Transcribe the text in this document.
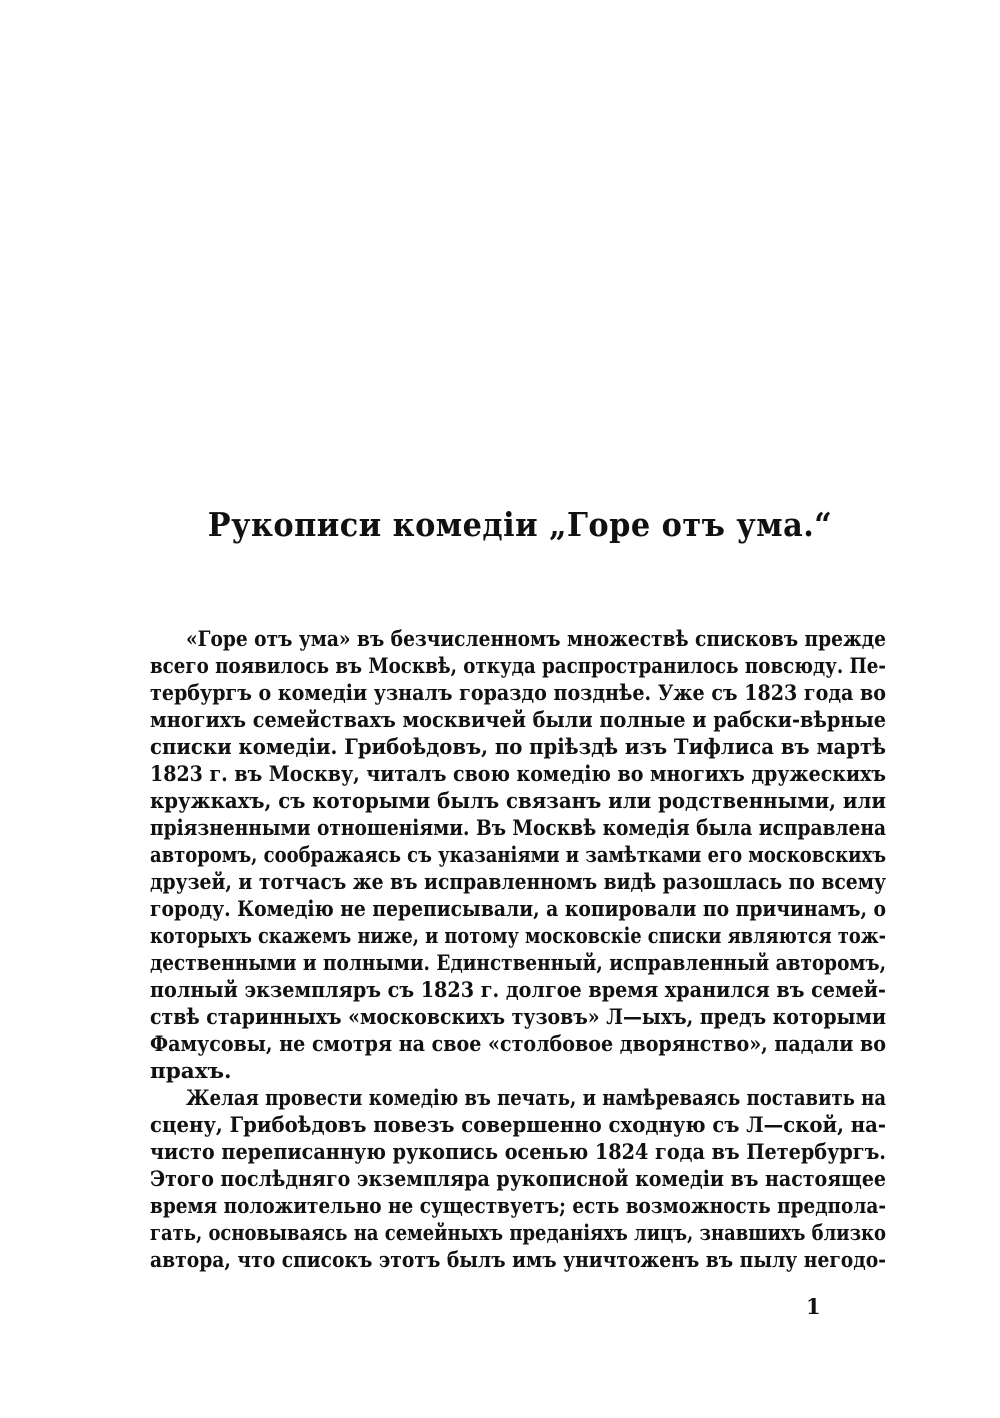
Рукописи комедіи „Горе отъ ума.“

«Горе отъ ума» въ безчисленномъ множествѣ списковъ прежде
всего появилось въ Москвѣ, откуда распространилось повсюду. Пе-
тербургъ о комедіи узналъ гораздо позднѣе. Уже съ 1823 года во
многихъ семействахъ москвичей были полные и рабски-вѣрные
списки комедіи. Грибоѣдовъ, по пріѣздѣ изъ Тифлиса въ мартѣ
1823 г. въ Москву, читалъ свою комедію во многихъ дружескихъ
кружкахъ, съ которыми былъ связанъ или родственными, или
пріязненными отношеніями. Въ Москвѣ комедія была исправлена
авторомъ, соображаясь съ указаніями и замѣтками его московскихъ
друзей, и тотчасъ же въ исправленномъ видѣ разошлась по всему
городу. Комедію не переписывали, а копировали по причинамъ, о
которыхъ скажемъ ниже, и потому московскіе списки являются тож-
дественными и полными. Единственный, исправленный авторомъ,
полный экземпляръ съ 1823 г. долгое время хранился въ семей-
ствѣ старинныхъ «московскихъ тузовъ» Л—ыхъ, предъ которыми
Фамусовы, не смотря на свое «столбовое дворянство», падали во
прахъ.

Желая провести комедію въ печать, и намѣреваясь поставить на
сцену, Грибоѣдовъ повезъ совершенно сходную съ Л—ской, на-
чисто переписанную рукопись осенью 1824 года въ Петербургъ.
Этого послѣдняго экземпляра рукописной комедіи въ настоящее
время положительно не существуетъ; есть возможность предпола-
гать, основываясь на семейныхъ преданіяхъ лицъ, знавшихъ близко
автора, что списокъ этотъ былъ имъ уничтоженъ въ пылу негодо-

1
